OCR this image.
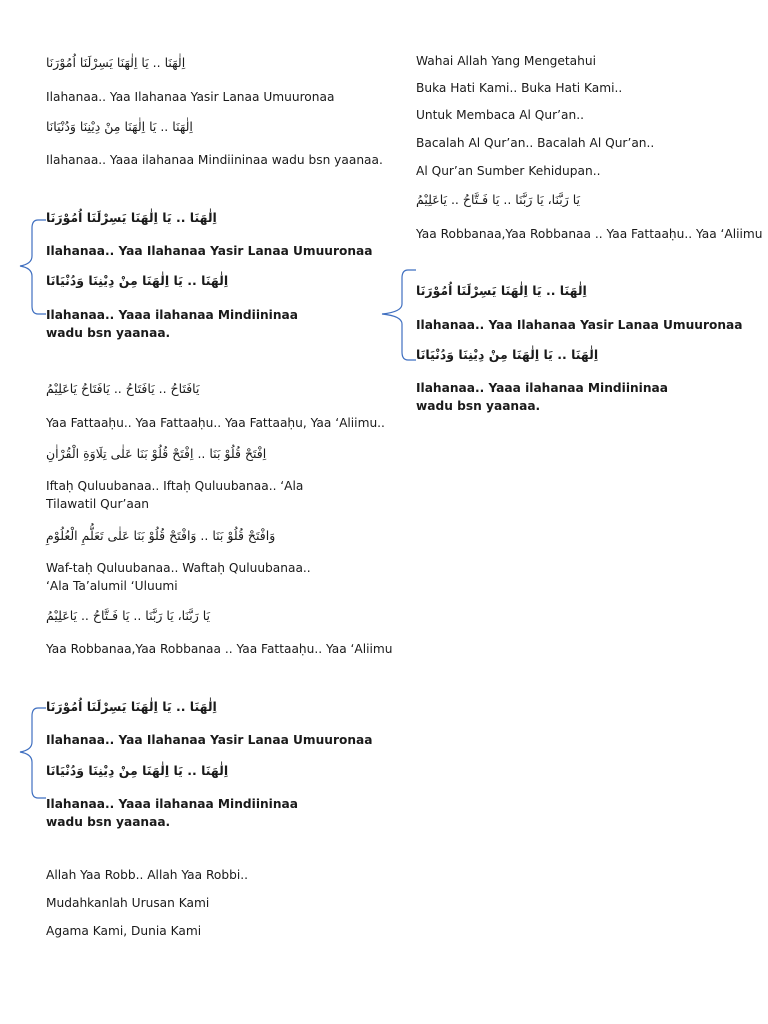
اِلٰهَنَا .. يَا اِلٰهَنَا يَسِرْلَنَا اُمُوْرَنَا
Ilahanaa.. Yaa Ilahanaa Yasir Lanaa Umuuronaa
اِلٰهَنَا .. يَا اِلٰهَنَا مِنْ دِيْنِنَا وَدُنْيَانَا
Ilahanaa.. Yaaa ilahanaa Mindiininaa wadu bsn yaanaa.
اِلٰهَنَا .. يَا اِلٰهَنَا يَسِرْلَنَا اُمُوْرَنَا
Ilahanaa.. Yaa Ilahanaa Yasir Lanaa Umuuronaa
اِلٰهَنَا .. يَا اِلٰهَنَا مِنْ دِيْنِنَا وَدُنْيَانَا
Ilahanaa.. Yaaa ilahanaa Mindiininaa wadu bsn yaanaa.
يَافَتَاحُ .. يَافَتَاحُ .. يَافَتَاحُ يَاعَلِيْمُ
Yaa Fattaaḥu.. Yaa Fattaaḥu.. Yaa Fattaaḥu, Yaa ‘Aliimu..
اِفْتَحْ قُلُوْ بَنَا .. اِفْتَحْ قُلُوْ بَنَا عَلٰى تِلَاوَةِ الْقُرْاٰنِ
Iftaḥ Quluubanaa.. Iftaḥ Quluubanaa.. ‘Ala Tilawatil Qur’aan
وَافْتَحْ قُلُوْ بَنَا .. وَافْتَحْ قُلُوْ بَنَا عَلٰى تَعَلُّمِ الْعُلُوْمِ
Waf-taḥ Quluubanaa.. Waftaḥ Quluubanaa.. ‘Ala Ta’alumil ‘Uluumi
يَا رَبَّنَا، يَا رَبَّنَا .. يَا فَـتَّاحُ .. يَاعَلِيْمُ
Yaa Robbanaa,Yaa Robbanaa .. Yaa Fattaaḥu.. Yaa ‘Aliimu
اِلٰهَنَا .. يَا اِلٰهَنَا يَسِرْلَنَا اُمُوْرَنَا
Ilahanaa.. Yaa Ilahanaa Yasir Lanaa Umuuronaa
اِلٰهَنَا .. يَا اِلٰهَنَا مِنْ دِيْنِنَا وَدُنْيَانَا
Ilahanaa.. Yaaa ilahanaa Mindiininaa wadu bsn yaanaa.
Allah Yaa Robb.. Allah Yaa Robbi..
Mudahkanlah Urusan Kami
Agama Kami, Dunia Kami
Wahai Allah Yang Mengetahui
Buka Hati Kami.. Buka Hati Kami..
Untuk Membaca Al Qur’an..
Bacalah Al Qur’an.. Bacalah Al Qur’an..
Al Qur’an Sumber Kehidupan..
يَا رَبَّنَا، يَا رَبَّنَا .. يَا فَـتَّاحُ .. يَاعَلِيْمُ
Yaa Robbanaa,Yaa Robbanaa .. Yaa Fattaaḥu.. Yaa ‘Aliimu
اِلٰهَنَا .. يَا اِلٰهَنَا يَسِرْلَنَا اُمُوْرَنَا
Ilahanaa.. Yaa Ilahanaa Yasir Lanaa Umuuronaa
اِلٰهَنَا .. يَا اِلٰهَنَا مِنْ دِيْنِنَا وَدُنْيَانَا
Ilahanaa.. Yaaa ilahanaa Mindiininaa wadu bsn yaanaa.
